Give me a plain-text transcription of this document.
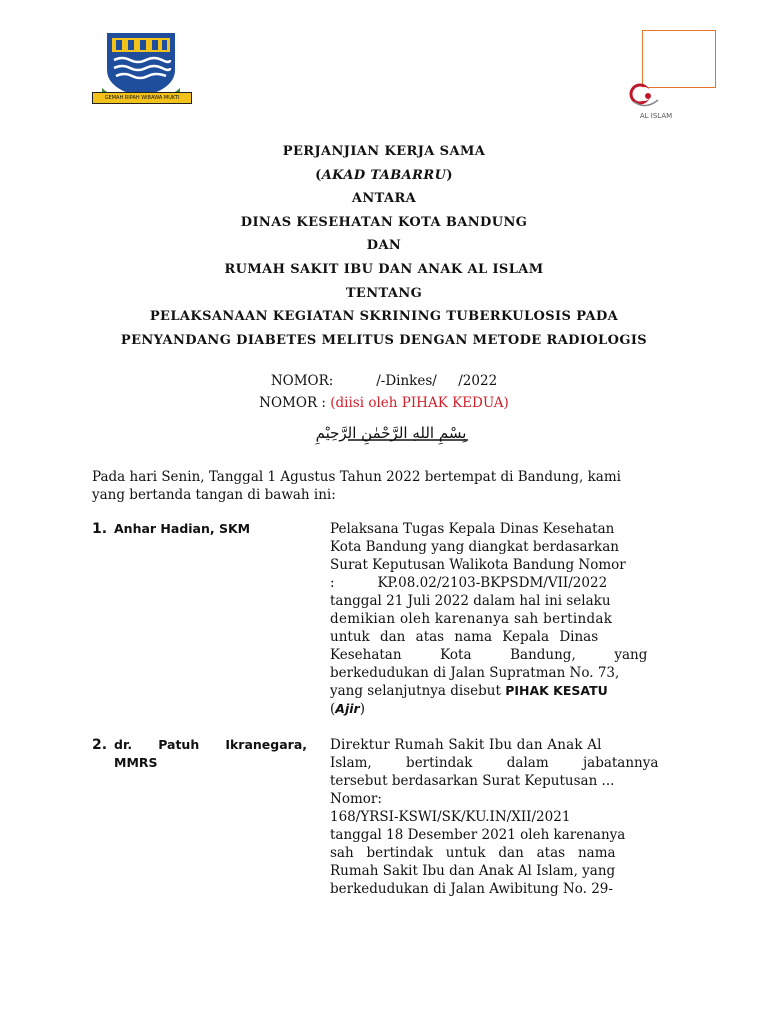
GEMAH RIPAH WIBAWA MUKTI
AL ISLAM
PERJANJIAN KERJA SAMA
(AKAD TABARRU)
ANTARA
DINAS KESEHATAN KOTA BANDUNG
DAN
RUMAH SAKIT IBU DAN ANAK AL ISLAM
TENTANG
PELAKSANAAN KEGIATAN SKRINING TUBERKULOSIS PADA
PENYANDANG DIABETES MELITUS DENGAN METODE RADIOLOGIS
NOMOR:          /-Dinkes/     /2022
NOMOR : (diisi oleh PIHAK KEDUA)
بِسْمِ اللهِ الرَّحْمٰنِ الرَّحِيْمِ
Pada hari Senin, Tanggal 1 Agustus Tahun 2022 bertempat di Bandung, kami
yang bertanda tangan di bawah ini:
1. Anhar Hadian, SKM	Pelaksana Tugas Kepala Dinas Kesehatan
Kota Bandung yang diangkat berdasarkan
Surat Keputusan Walikota Bandung Nomor
:          KP.08.02/2103-BKPSDM/VII/2022
tanggal 21 Juli 2022 dalam hal ini selaku
demikian oleh karenanya sah bertindak
untuk dan atas nama Kepala Dinas
Kesehatan         Kota         Bandung,         yang
berkedudukan di Jalan Supratman No. 73,
yang selanjutnya disebut PIHAK KESATU
(Ajir)
2. dr.      Patuh      Ikranegara,
MMRS
Direktur Rumah Sakit Ibu dan Anak Al
Islam,        bertindak        dalam        jabatannya
tersebut berdasarkan Surat Keputusan ...
Nomor:
168/YRSI-KSWI/SK/KU.IN/XII/2021
tanggal 18 Desember 2021 oleh karenanya
sah   bertindak   untuk   dan   atas   nama
Rumah Sakit Ibu dan Anak Al Islam, yang
berkedudukan di Jalan Awibitung No. 29-
